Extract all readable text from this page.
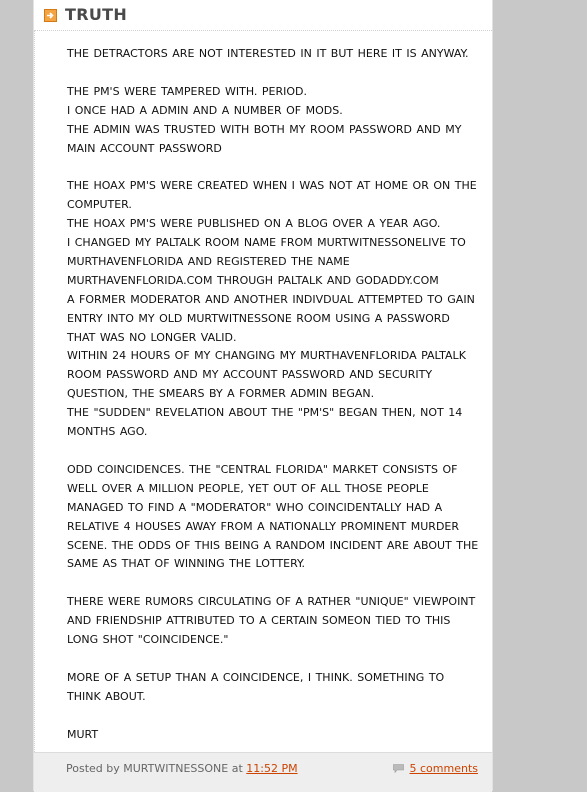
TRUTH

THE DETRACTORS ARE NOT INTERESTED IN IT BUT HERE IT IS ANYWAY.

THE PM'S WERE TAMPERED WITH. PERIOD.

I ONCE HAD A ADMIN AND A NUMBER OF MODS.

THE ADMIN WAS TRUSTED WITH BOTH MY ROOM PASSWORD AND MY MAIN ACCOUNT PASSWORD

THE HOAX PM'S WERE CREATED WHEN I WAS NOT AT HOME OR ON THE COMPUTER.

THE HOAX PM'S WERE PUBLISHED ON A BLOG OVER A YEAR AGO.

I CHANGED MY PALTALK ROOM NAME FROM MURTWITNESSONELIVE TO MURTHAVENFLORIDA AND REGISTERED THE NAME MURTHAVENFLORIDA.COM THROUGH PALTALK AND GODADDY.COM

A FORMER MODERATOR AND ANOTHER INDIVDUAL ATTEMPTED TO GAIN ENTRY INTO MY OLD MURTWITNESSONE ROOM USING A PASSWORD THAT WAS NO LONGER VALID.

WITHIN 24 HOURS OF MY CHANGING MY MURTHAVENFLORIDA PALTALK ROOM PASSWORD AND MY ACCOUNT PASSWORD AND SECURITY QUESTION, THE SMEARS BY A FORMER ADMIN BEGAN.

THE "SUDDEN" REVELATION ABOUT THE "PM'S" BEGAN THEN, NOT 14 MONTHS AGO.

ODD COINCIDENCES. THE "CENTRAL FLORIDA" MARKET CONSISTS OF WELL OVER A MILLION PEOPLE, YET OUT OF ALL THOSE PEOPLE MANAGED TO FIND A "MODERATOR" WHO COINCIDENTALLY HAD A RELATIVE 4 HOUSES AWAY FROM A NATIONALLY PROMINENT MURDER SCENE. THE ODDS OF THIS BEING A RANDOM INCIDENT ARE ABOUT THE SAME AS THAT OF WINNING THE LOTTERY.

THERE WERE RUMORS CIRCULATING OF A RATHER "UNIQUE" VIEWPOINT AND FRIENDSHIP ATTRIBUTED TO A CERTAIN SOMEON TIED TO THIS LONG SHOT "COINCIDENCE."

MORE OF A SETUP THAN A COINCIDENCE, I THINK. SOMETHING TO THINK ABOUT.

MURT

Posted by MURTWITNESSONE at 11:52 PM	5 comments
